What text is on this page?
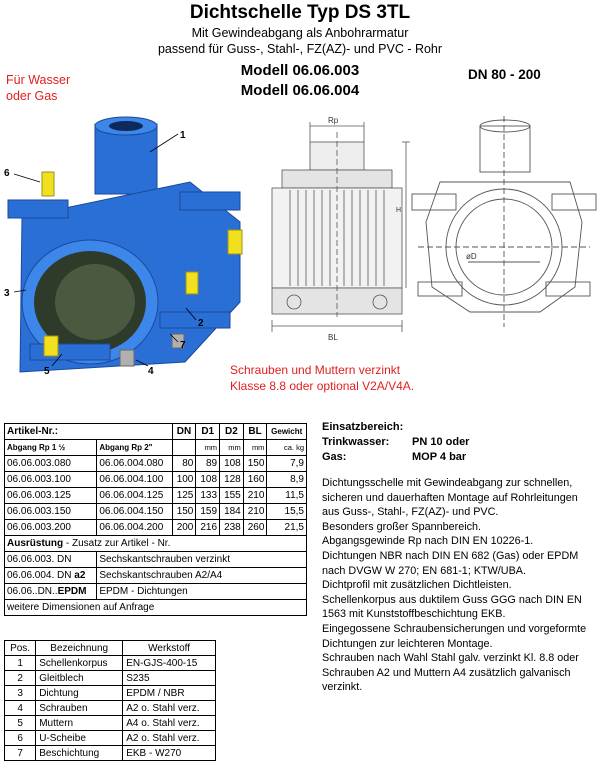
Dichtschelle Typ DS 3TL
Mit Gewindeabgang als Anbohrarmatur
passend für Guss-, Stahl-, FZ(AZ)- und PVC - Rohr
Modell 06.06.003
Modell 06.06.004
DN 80 - 200
Für Wasser
oder Gas
1
2
3
4
5
6
7
Rp
BL
H
øD
Schrauben und Muttern verzinkt
Klasse 8.8 oder optional V2A/V4A.
Artikel-Nr.:		DN	D1	D2	BL	Gewicht
Abgang Rp 1 ½	Abgang Rp 2"		mm	mm	mm	ca. kg
06.06.003.080	06.06.004.080	80	89	108	150	7,9
06.06.003.100	06.06.004.100	100	108	128	160	8,9
06.06.003.125	06.06.004.125	125	133	155	210	11,5
06.06.003.150	06.06.004.150	150	159	184	210	15,5
06.06.003.200	06.06.004.200	200	216	238	260	21,5
Ausrüstung - Zusatz zur Artikel - Nr.						
06.06.003. DN	Sechskantschrauben verzinkt					
06.06.004. DN a2	Sechskantschrauben A2/A4					
06.06..DN..EPDM	EPDM - Dichtungen					
weitere Dimensionen auf Anfrage						
Pos.	Bezeichnung	Werkstoff
1	Schellenkorpus	EN-GJS-400-15
2	Gleitblech	S235
3	Dichtung	EPDM / NBR
4	Schrauben	A2 o. Stahl verz.
5	Muttern	A4 o. Stahl verz.
6	U-Scheibe	A2 o. Stahl verz.
7	Beschichtung	EKB - W270
Einsatzbereich:
Trinkwasser: PN 10 oder
Gas:	MOP 4 bar

Dichtungsschelle mit Gewindeabgang zur schnellen, sicheren und dauerhaften Montage auf Rohrleitungen aus Guss-, Stahl-, FZ(AZ)- und PVC.

Besonders großer Spannbereich.

Abgangsgewinde Rp nach DIN EN 10226-1.

Dichtungen NBR nach DIN EN 682 (Gas) oder EPDM nach DVGW W 270; EN 681-1; KTW/UBA.

Dichtprofil mit zusätzlichen Dichtleisten.

Schellenkorpus aus duktilem Guss GGG nach DIN EN 1563 mit Kunststoffbeschichtung EKB.

Eingegossene Schraubensicherungen und vorgeformte Dichtungen zur leichteren Montage.

Schrauben nach Wahl Stahl galv. verzinkt Kl. 8.8 oder Schrauben A2 und Muttern A4 zusätzlich galvanisch verzinkt.
